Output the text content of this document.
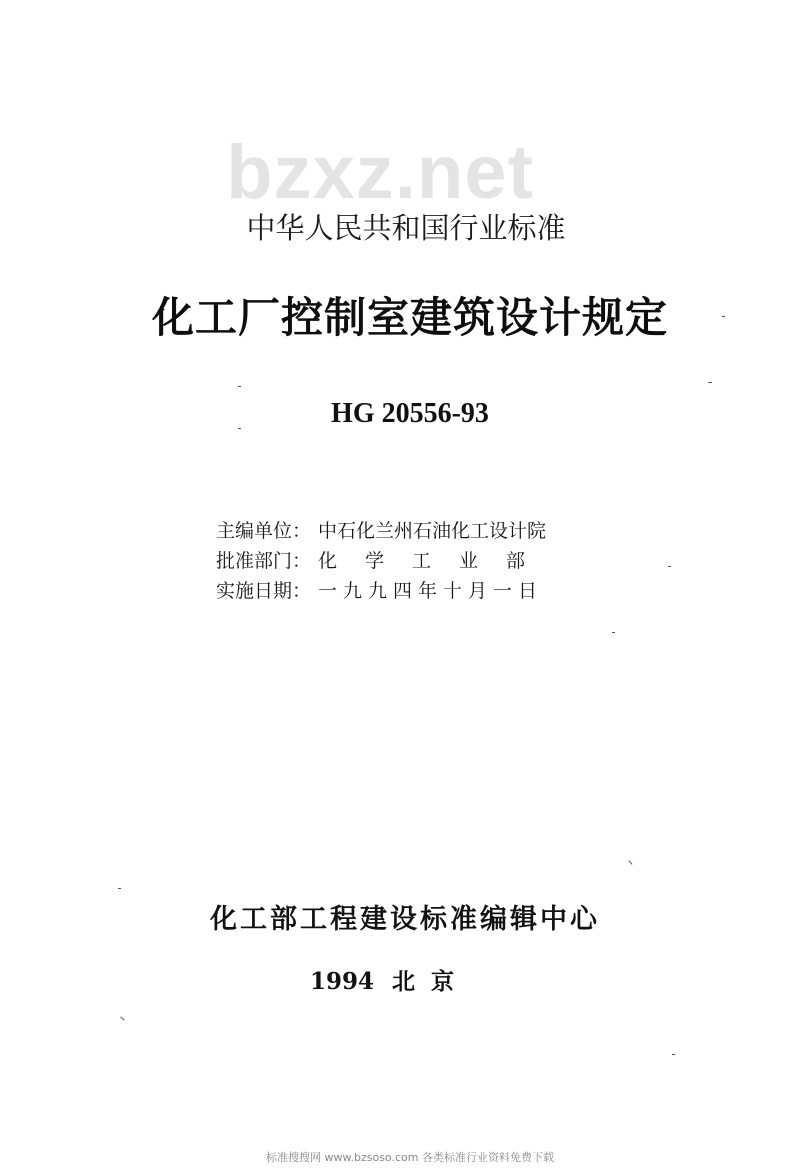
bzxz.net
中华人民共和国行业标准
化工厂控制室建筑设计规定
HG 20556-93
主编单位： 中石化兰州石油化工设计院
批准部门： 化学工业部
实施日期： 一九九四年十月一日
化工部工程建设标准编辑中心
1994 北京
标准搜搜网 www.bzsoso.com 各类标准行业资料免费下载
